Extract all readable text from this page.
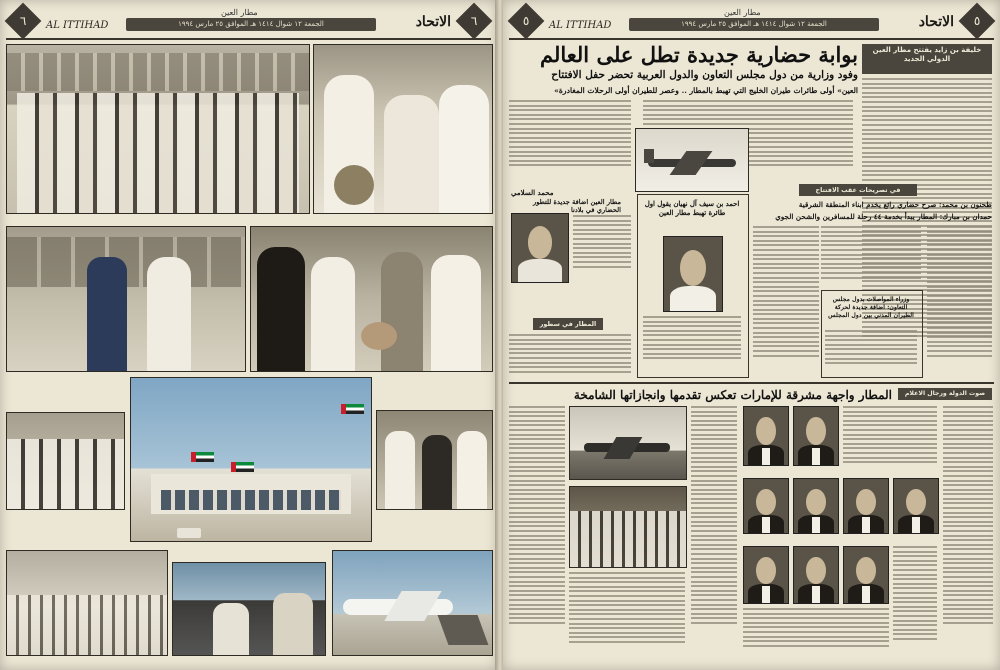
٦	AL ITTIHAD
مطار العين
الجمعة ١٢ شوال ١٤١٤ هـ الموافق ٢٥ مارس ١٩٩٤	الاتحاد	٦	٥	AL ITTIHAD
مطار العين
الجمعة ١٢ شوال ١٤١٤ هـ الموافق ٢٥ مارس ١٩٩٤	الاتحاد	٥
بوابة حضارية جديدة تطل على العالم
وفود وزارية من دول مجلس التعاون والدول العربية تحضر حفل الافتتاح
«العين» أولى طائرات طيران الخليج التي تهبط بالمطار .. وعصر للطيران أولى الرحلات المغادرة
خليفة بن زايد يفتتح مطار العين الدولي الجديد
محمد السلامي
مطار العين اضافة جديدة للتطور الحضاري في بلادنا
احمد بن سيف آل نهيان يقول اول طائرة تهبط مطار العين
المطار في سطور
في تصريحات عقب الافتتاح
طحنون بن محمد: صرح حضاري رائع يخدم ابناء المنطقة الشرقية
حمدان بن مبارك: المطار يبدأ بخدمة ٤٤ رحلة للمسافرين والشحن الجوي
وزراء المواصلات بدول مجلس التعاون: اضافة جديدة لحركة الطيران المدني بين دول المجلس
المطار واجهة مشرقة للإمارات تعكس تقدمها وانجازاتها الشامخة	صوت الدولة ورجال الاعلام
